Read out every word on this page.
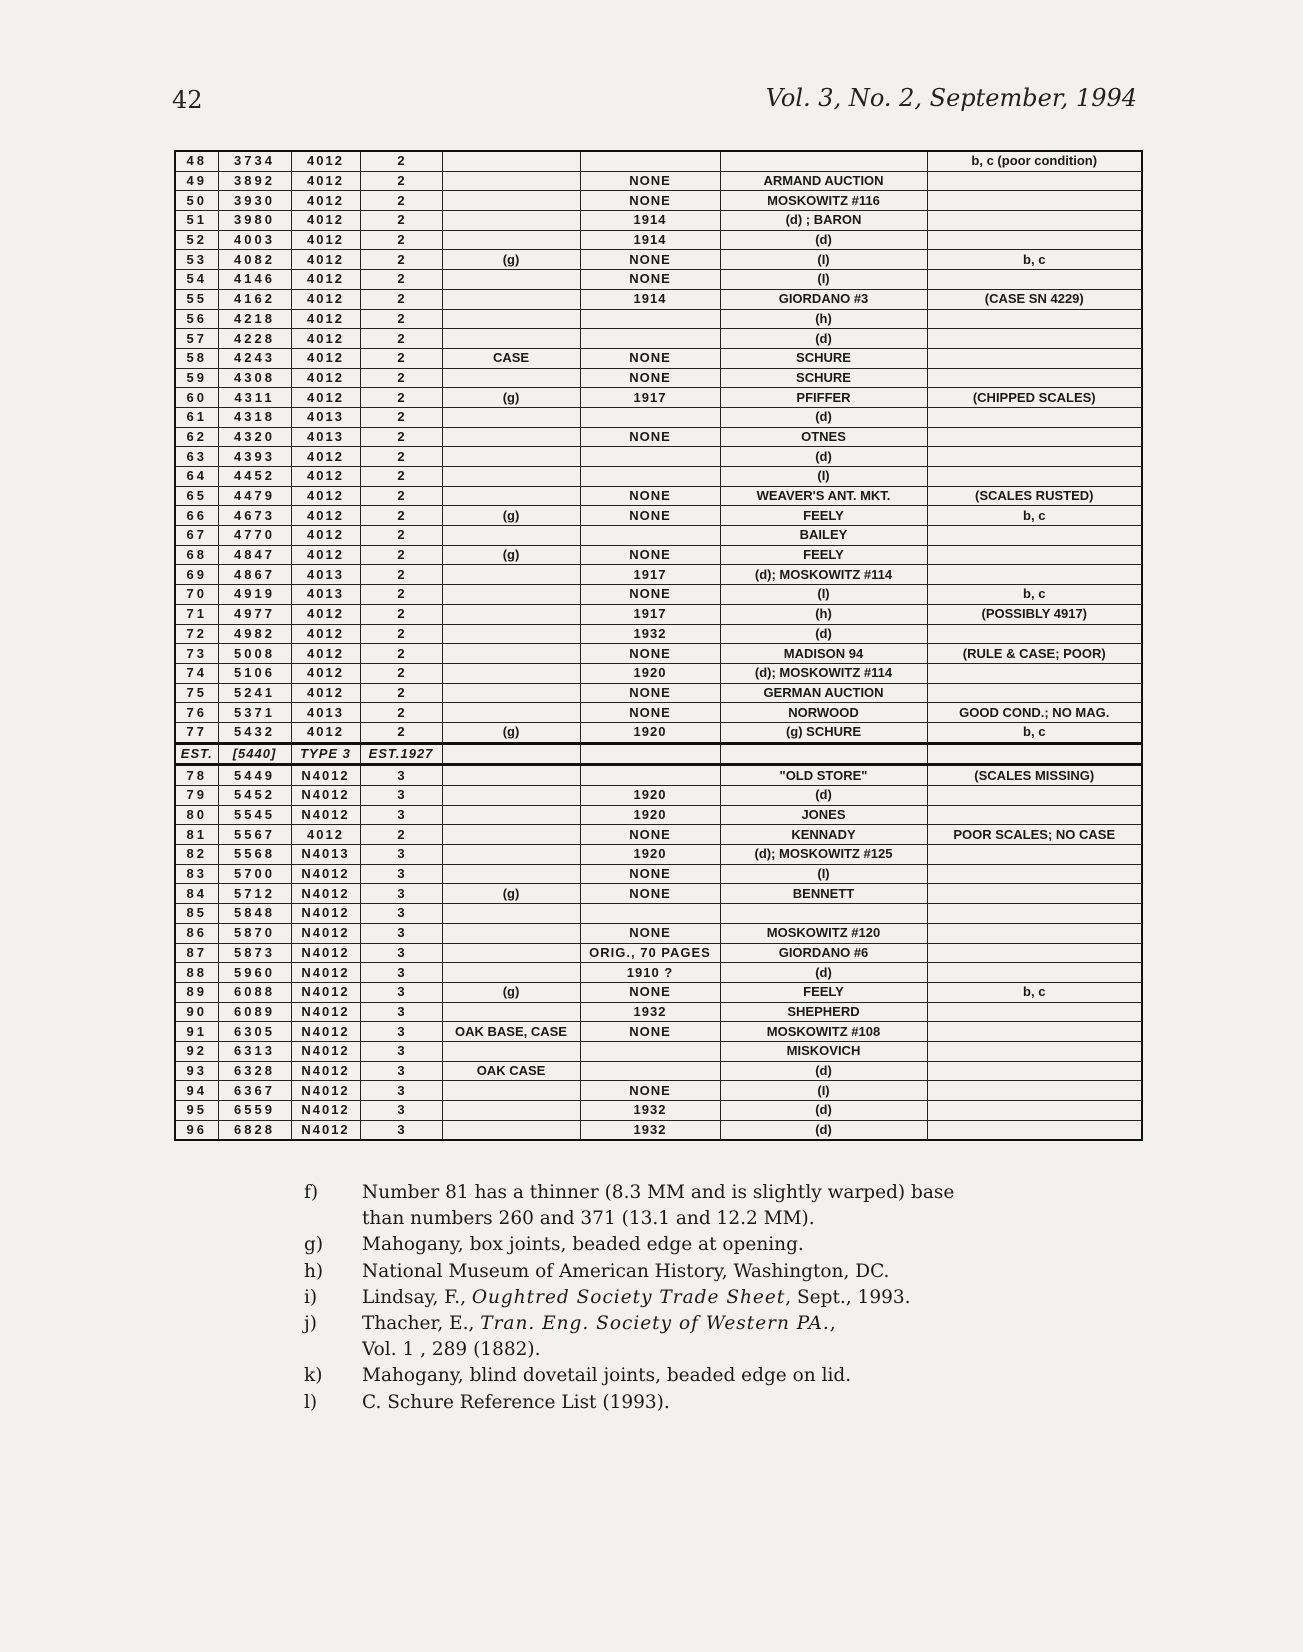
42	Vol. 3, No. 2, September, 1994
48	3734	4012	2				b, c (poor condition)
49	3892	4012	2		NONE	ARMAND AUCTION	
50	3930	4012	2		NONE	MOSKOWITZ #116	
51	3980	4012	2		1914	(d) ; BARON	
52	4003	4012	2		1914	(d)	
53	4082	4012	2	(g)	NONE	(I)	b, c
54	4146	4012	2		NONE	(I)	
55	4162	4012	2		1914	GIORDANO #3	(CASE SN 4229)
56	4218	4012	2			(h)	
57	4228	4012	2			(d)	
58	4243	4012	2	CASE	NONE	SCHURE	
59	4308	4012	2		NONE	SCHURE	
60	4311	4012	2	(g)	1917	PFIFFER	(CHIPPED SCALES)
61	4318	4013	2			(d)	
62	4320	4013	2		NONE	OTNES	
63	4393	4012	2			(d)	
64	4452	4012	2			(I)	
65	4479	4012	2		NONE	WEAVER'S ANT. MKT.	(SCALES RUSTED)
66	4673	4012	2	(g)	NONE	FEELY	b, c
67	4770	4012	2			BAILEY	
68	4847	4012	2	(g)	NONE	FEELY	
69	4867	4013	2		1917	(d); MOSKOWITZ #114	
70	4919	4013	2		NONE	(I)	b, c
71	4977	4012	2		1917	(h)	(POSSIBLY 4917)
72	4982	4012	2		1932	(d)	
73	5008	4012	2		NONE	MADISON 94	(RULE & CASE; POOR)
74	5106	4012	2		1920	(d); MOSKOWITZ #114	
75	5241	4012	2		NONE	GERMAN AUCTION	
76	5371	4013	2		NONE	NORWOOD	GOOD COND.; NO MAG.
77	5432	4012	2	(g)	1920	(g) SCHURE	b, c
EST.	[5440]	TYPE 3	EST.1927				
78	5449	N4012	3			"OLD STORE"	(SCALES MISSING)
79	5452	N4012	3		1920	(d)	
80	5545	N4012	3		1920	JONES	
81	5567	4012	2		NONE	KENNADY	POOR SCALES; NO CASE
82	5568	N4013	3		1920	(d); MOSKOWITZ #125	
83	5700	N4012	3		NONE	(I)	
84	5712	N4012	3	(g)	NONE	BENNETT	
85	5848	N4012	3				
86	5870	N4012	3		NONE	MOSKOWITZ #120	
87	5873	N4012	3		ORIG., 70 PAGES	GIORDANO #6	
88	5960	N4012	3		1910 ?	(d)	
89	6088	N4012	3	(g)	NONE	FEELY	b, c
90	6089	N4012	3		1932	SHEPHERD	
91	6305	N4012	3	OAK BASE, CASE	NONE	MOSKOWITZ #108	
92	6313	N4012	3			MISKOVICH	
93	6328	N4012	3	OAK CASE		(d)	
94	6367	N4012	3		NONE	(I)	
95	6559	N4012	3		1932	(d)	
96	6828	N4012	3		1932	(d)	
f)	Number 81 has a thinner (8.3 MM and is slightly warped) base
than numbers 260 and 371 (13.1 and 12.2 MM).
g)	Mahogany, box joints, beaded edge at opening.
h)	National Museum of American History, Washington, DC.
i)	Lindsay, F., Oughtred Society Trade Sheet, Sept., 1993.
j)	Thacher, E., Tran. Eng. Society of Western PA.,
Vol. 1 , 289 (1882).
k)	Mahogany, blind dovetail joints, beaded edge on lid.
l)	C. Schure Reference List (1993).
